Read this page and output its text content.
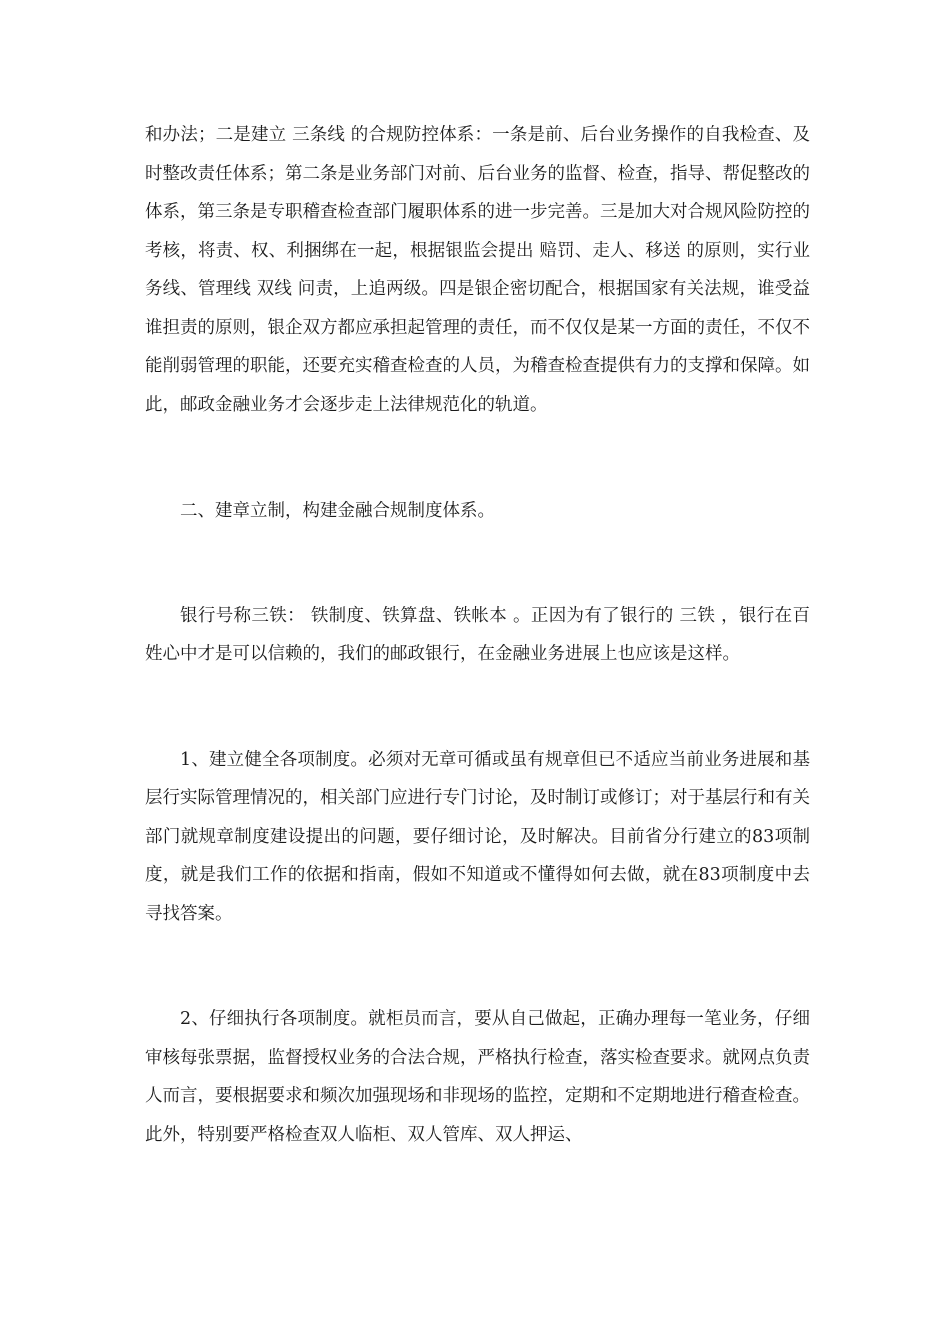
和办法；二是建立 三条线 的合规防控体系：一条是前、后台业务操作的自我检查、及时整改责任体系；第二条是业务部门对前、后台业务的监督、检查，指导、帮促整改的体系，第三条是专职稽查检查部门履职体系的进一步完善。三是加大对合规风险防控的考核，将责、权、利捆绑在一起，根据银监会提出 赔罚、走人、移送 的原则，实行业务线、管理线 双线 问责，上追两级。四是银企密切配合，根据国家有关法规，谁受益谁担责的原则，银企双方都应承担起管理的责任，而不仅仅是某一方面的责任，不仅不能削弱管理的职能，还要充实稽查检查的人员，为稽查检查提供有力的支撑和保障。如此，邮政金融业务才会逐步走上法律规范化的轨道。

二、建章立制，构建金融合规制度体系。

银行号称三铁： 铁制度、铁算盘、铁帐本 。正因为有了银行的 三铁 ，银行在百姓心中才是可以信赖的，我们的邮政银行，在金融业务进展上也应该是这样。

1、建立健全各项制度。必须对无章可循或虽有规章但已不适应当前业务进展和基层行实际管理情况的，相关部门应进行专门讨论，及时制订或修订；对于基层行和有关部门就规章制度建设提出的问题，要仔细讨论，及时解决。目前省分行建立的83项制度，就是我们工作的依据和指南，假如不知道或不懂得如何去做，就在83项制度中去寻找答案。

2、仔细执行各项制度。就柜员而言，要从自己做起，正确办理每一笔业务，仔细审核每张票据，监督授权业务的合法合规，严格执行检查，落实检查要求。就网点负责人而言，要根据要求和频次加强现场和非现场的监控，定期和不定期地进行稽查检查。此外，特别要严格检查双人临柜、双人管库、双人押运、
